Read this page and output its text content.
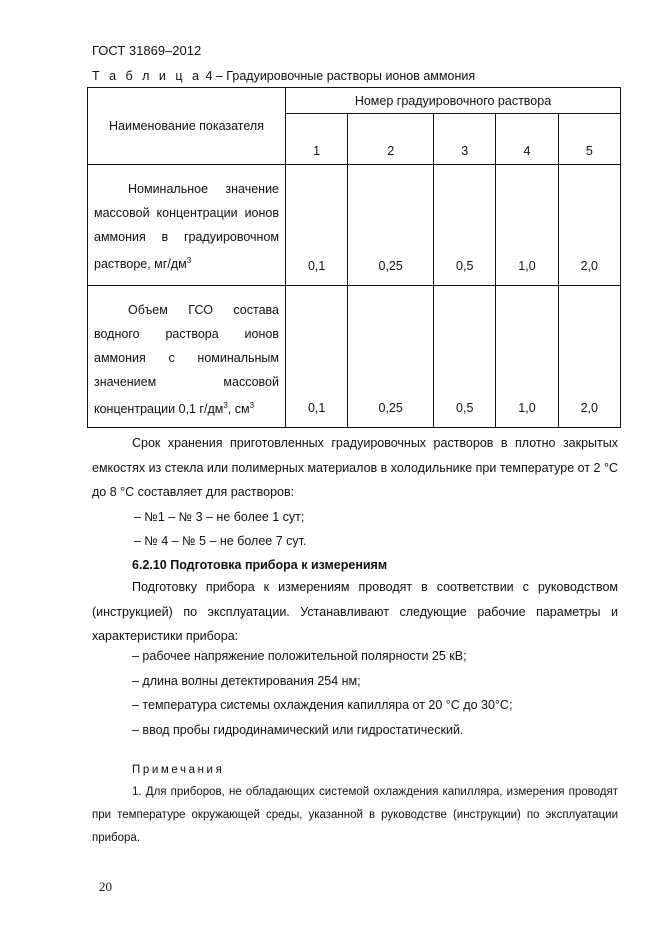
ГОСТ 31869–2012
Т а б л и ц а 4 – Градуировочные растворы ионов аммония
Наименование показателя	Номер градуировочного раствора				
	1	2	3	4	5
Номинальное значение массовой концентрации ионов аммония в градуировочном растворе, $мг/дм^3$	0,1	0,25	0,5	1,0	2,0
Объем ГСО состава водного раствора ионов аммония с номинальным значением массовой концентрации 0,1 $г/дм^3$, $см^3$	0,1	0,25	0,5	1,0	2,0

Срок хранения приготовленных градуировочных растворов в плотно закрытых емкостях из стекла или полимерных материалов в холодильнике при температуре от 2 °С до 8 °С составляет для растворов:

– №1 – № 3 – не более 1 сут;

– № 4 – № 5 – не более 7 сут.

6.2.10 Подготовка прибора к измерениям

Подготовку прибора к измерениям проводят в соответствии с руководством (инструкцией) по эксплуатации. Устанавливают следующие рабочие параметры и характеристики прибора:

– рабочее напряжение положительной полярности 25 кВ;

– длина волны детектирования 254 нм;

– температура системы охлаждения капилляра от 20 °С до 30°С;

– ввод пробы гидродинамический или гидростатический.

Примечания

1. Для приборов, не обладающих системой охлаждения капилляра, измерения проводят при температуре окружающей среды, указанной в руководстве (инструкции) по эксплуатации прибора.

20
